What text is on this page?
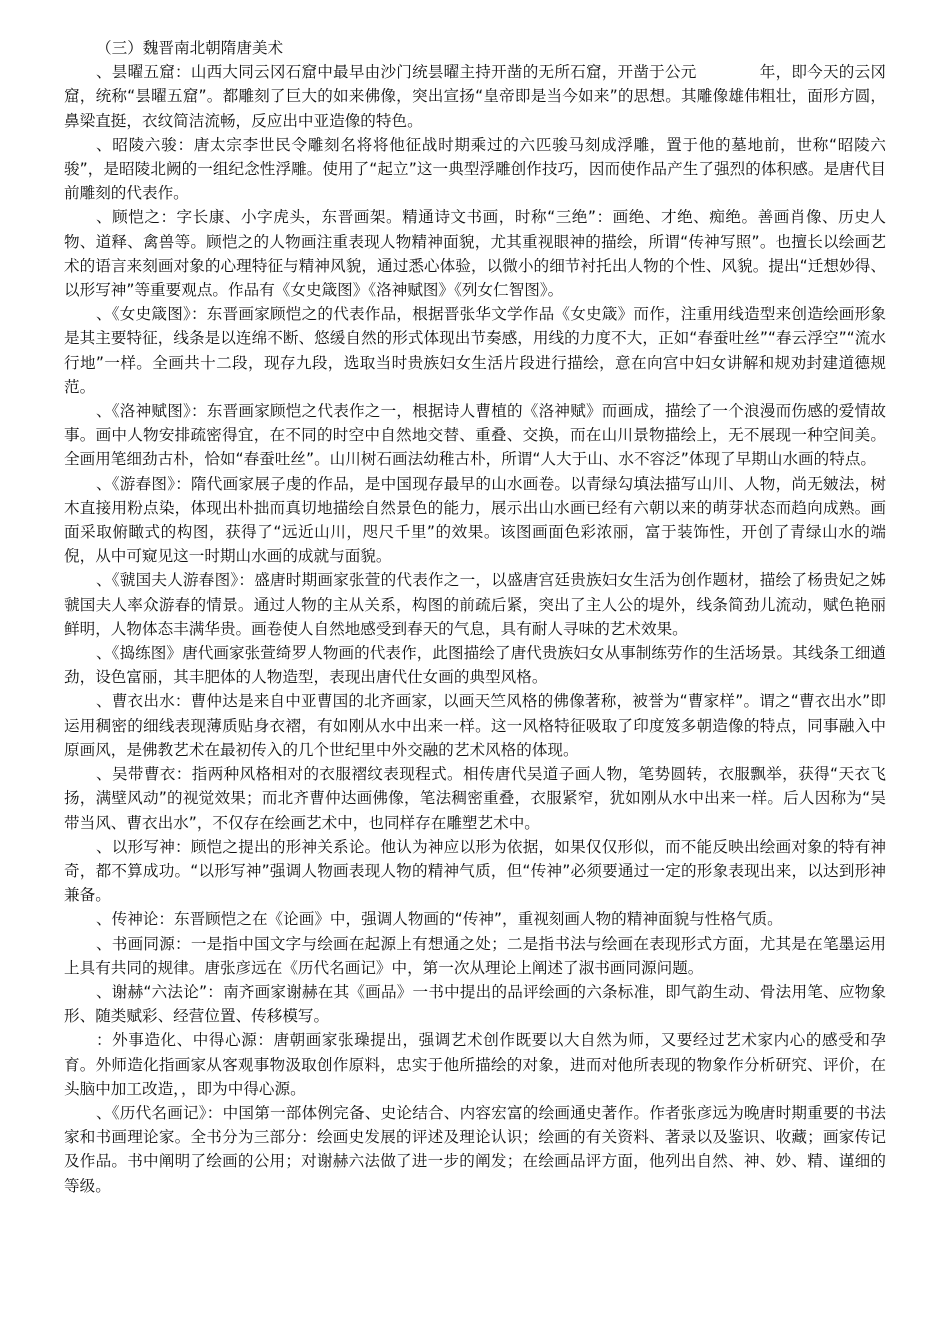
（三）魏晋南北朝隋唐美术

、昙曜五窟：山西大同云冈石窟中最早由沙门统昙曜主持开凿的无所石窟，开凿于公元　　　　年，即今天的云冈　　　窟，统称“昙曜五窟”。都雕刻了巨大的如来佛像，突出宣扬“皇帝即是当今如来”的思想。其雕像雄伟粗壮，面形方圆，鼻梁直挺，衣纹简洁流畅，反应出中亚造像的特色。

、昭陵六骏：唐太宗李世民令雕刻名将将他征战时期乘过的六匹骏马刻成浮雕，置于他的墓地前，世称“昭陵六骏”，是昭陵北阙的一组纪念性浮雕。使用了“起立”这一典型浮雕创作技巧，因而使作品产生了强烈的体积感。是唐代目前雕刻的代表作。

、顾恺之：字长康、小字虎头，东晋画架。精通诗文书画，时称“三绝”：画绝、才绝、痴绝。善画肖像、历史人物、道释、禽兽等。顾恺之的人物画注重表现人物精神面貌，尤其重视眼神的描绘，所谓“传神写照”。也擅长以绘画艺术的语言来刻画对象的心理特征与精神风貌，通过悉心体验，以微小的细节衬托出人物的个性、风貌。提出“迁想妙得、以形写神”等重要观点。作品有《女史箴图》《洛神赋图》《列女仁智图》。

、《女史箴图》：东晋画家顾恺之的代表作品，根据晋张华文学作品《女史箴》而作，注重用线造型来创造绘画形象是其主要特征，线条是以连绵不断、悠缓自然的形式体现出节奏感，用线的力度不大，正如“春蚕吐丝”“春云浮空”“流水行地”一样。全画共十二段，现存九段，选取当时贵族妇女生活片段进行描绘，意在向宫中妇女讲解和规劝封建道德规范。

、《洛神赋图》：东晋画家顾恺之代表作之一，根据诗人曹植的《洛神赋》而画成，描绘了一个浪漫而伤感的爱情故事。画中人物安排疏密得宜，在不同的时空中自然地交替、重叠、交换，而在山川景物描绘上，无不展现一种空间美。全画用笔细劲古朴，恰如“春蚕吐丝”。山川树石画法幼稚古朴，所谓“人大于山、水不容泛”体现了早期山水画的特点。

、《游春图》：隋代画家展子虔的作品，是中国现存最早的山水画卷。以青绿勾填法描写山川、人物，尚无皴法，树木直接用粉点染，体现出朴拙而真切地描绘自然景色的能力，展示出山水画已经有六朝以来的萌芽状态而趋向成熟。画面采取俯瞰式的构图，获得了“远近山川，咫尺千里”的效果。该图画面色彩浓丽，富于装饰性，开创了青绿山水的端倪，从中可窥见这一时期山水画的成就与面貌。

、《虢国夫人游春图》：盛唐时期画家张萱的代表作之一，以盛唐宫廷贵族妇女生活为创作题材，描绘了杨贵妃之姊虢国夫人率众游春的情景。通过人物的主从关系，构图的前疏后紧，突出了主人公的堤外，线条简劲儿流动，赋色艳丽鲜明，人物体态丰满华贵。画卷使人自然地感受到春天的气息，具有耐人寻味的艺术效果。

、《捣练图》唐代画家张萱绮罗人物画的代表作，此图描绘了唐代贵族妇女从事制练劳作的生活场景。其线条工细遒劲，设色富丽，其丰肥体的人物造型，表现出唐代仕女画的典型风格。

、曹衣出水：曹仲达是来自中亚曹国的北齐画家，以画天竺风格的佛像著称，被誉为“曹家样”。谓之“曹衣出水”即运用稠密的细线表现薄质贴身衣褶，有如刚从水中出来一样。这一风格特征吸取了印度笈多朝造像的特点，同事融入中原画风，是佛教艺术在最初传入的几个世纪里中外交融的艺术风格的体现。

、吴带曹衣：指两种风格相对的衣服褶纹表现程式。相传唐代吴道子画人物，笔势圆转，衣服飘举，获得“天衣飞扬，满壁风动”的视觉效果；而北齐曹仲达画佛像，笔法稠密重叠，衣服紧窄，犹如刚从水中出来一样。后人因称为“吴带当风、曹衣出水”，不仅存在绘画艺术中，也同样存在雕塑艺术中。

、以形写神：顾恺之提出的形神关系论。他认为神应以形为依据，如果仅仅形似，而不能反映出绘画对象的特有神奇，都不算成功。“以形写神”强调人物画表现人物的精神气质，但“传神”必须要通过一定的形象表现出来，以达到形神兼备。

、传神论：东晋顾恺之在《论画》中，强调人物画的“传神”，重视刻画人物的精神面貌与性格气质。

、书画同源：一是指中国文字与绘画在起源上有想通之处；二是指书法与绘画在表现形式方面，尤其是在笔墨运用上具有共同的规律。唐张彦远在《历代名画记》中，第一次从理论上阐述了淑书画同源问题。

、谢赫“六法论”：南齐画家谢赫在其《画品》一书中提出的品评绘画的六条标准，即气韵生动、骨法用笔、应物象形、随类赋彩、经营位置、传移模写。

：外事造化、中得心源：唐朝画家张璪提出，强调艺术创作既要以大自然为师，又要经过艺术家内心的感受和孕育。外师造化指画家从客观事物汲取创作原料，忠实于他所描绘的对象，进而对他所表现的物象作分析研究、评价，在头脑中加工改造，，即为中得心源。

、《历代名画记》：中国第一部体例完备、史论结合、内容宏富的绘画通史著作。作者张彦远为晚唐时期重要的书法家和书画理论家。全书分为三部分：绘画史发展的评述及理论认识；绘画的有关资料、著录以及鉴识、收藏；画家传记及作品。书中阐明了绘画的公用；对谢赫六法做了进一步的阐发；在绘画品评方面，他列出自然、神、妙、精、谨细的等级。
